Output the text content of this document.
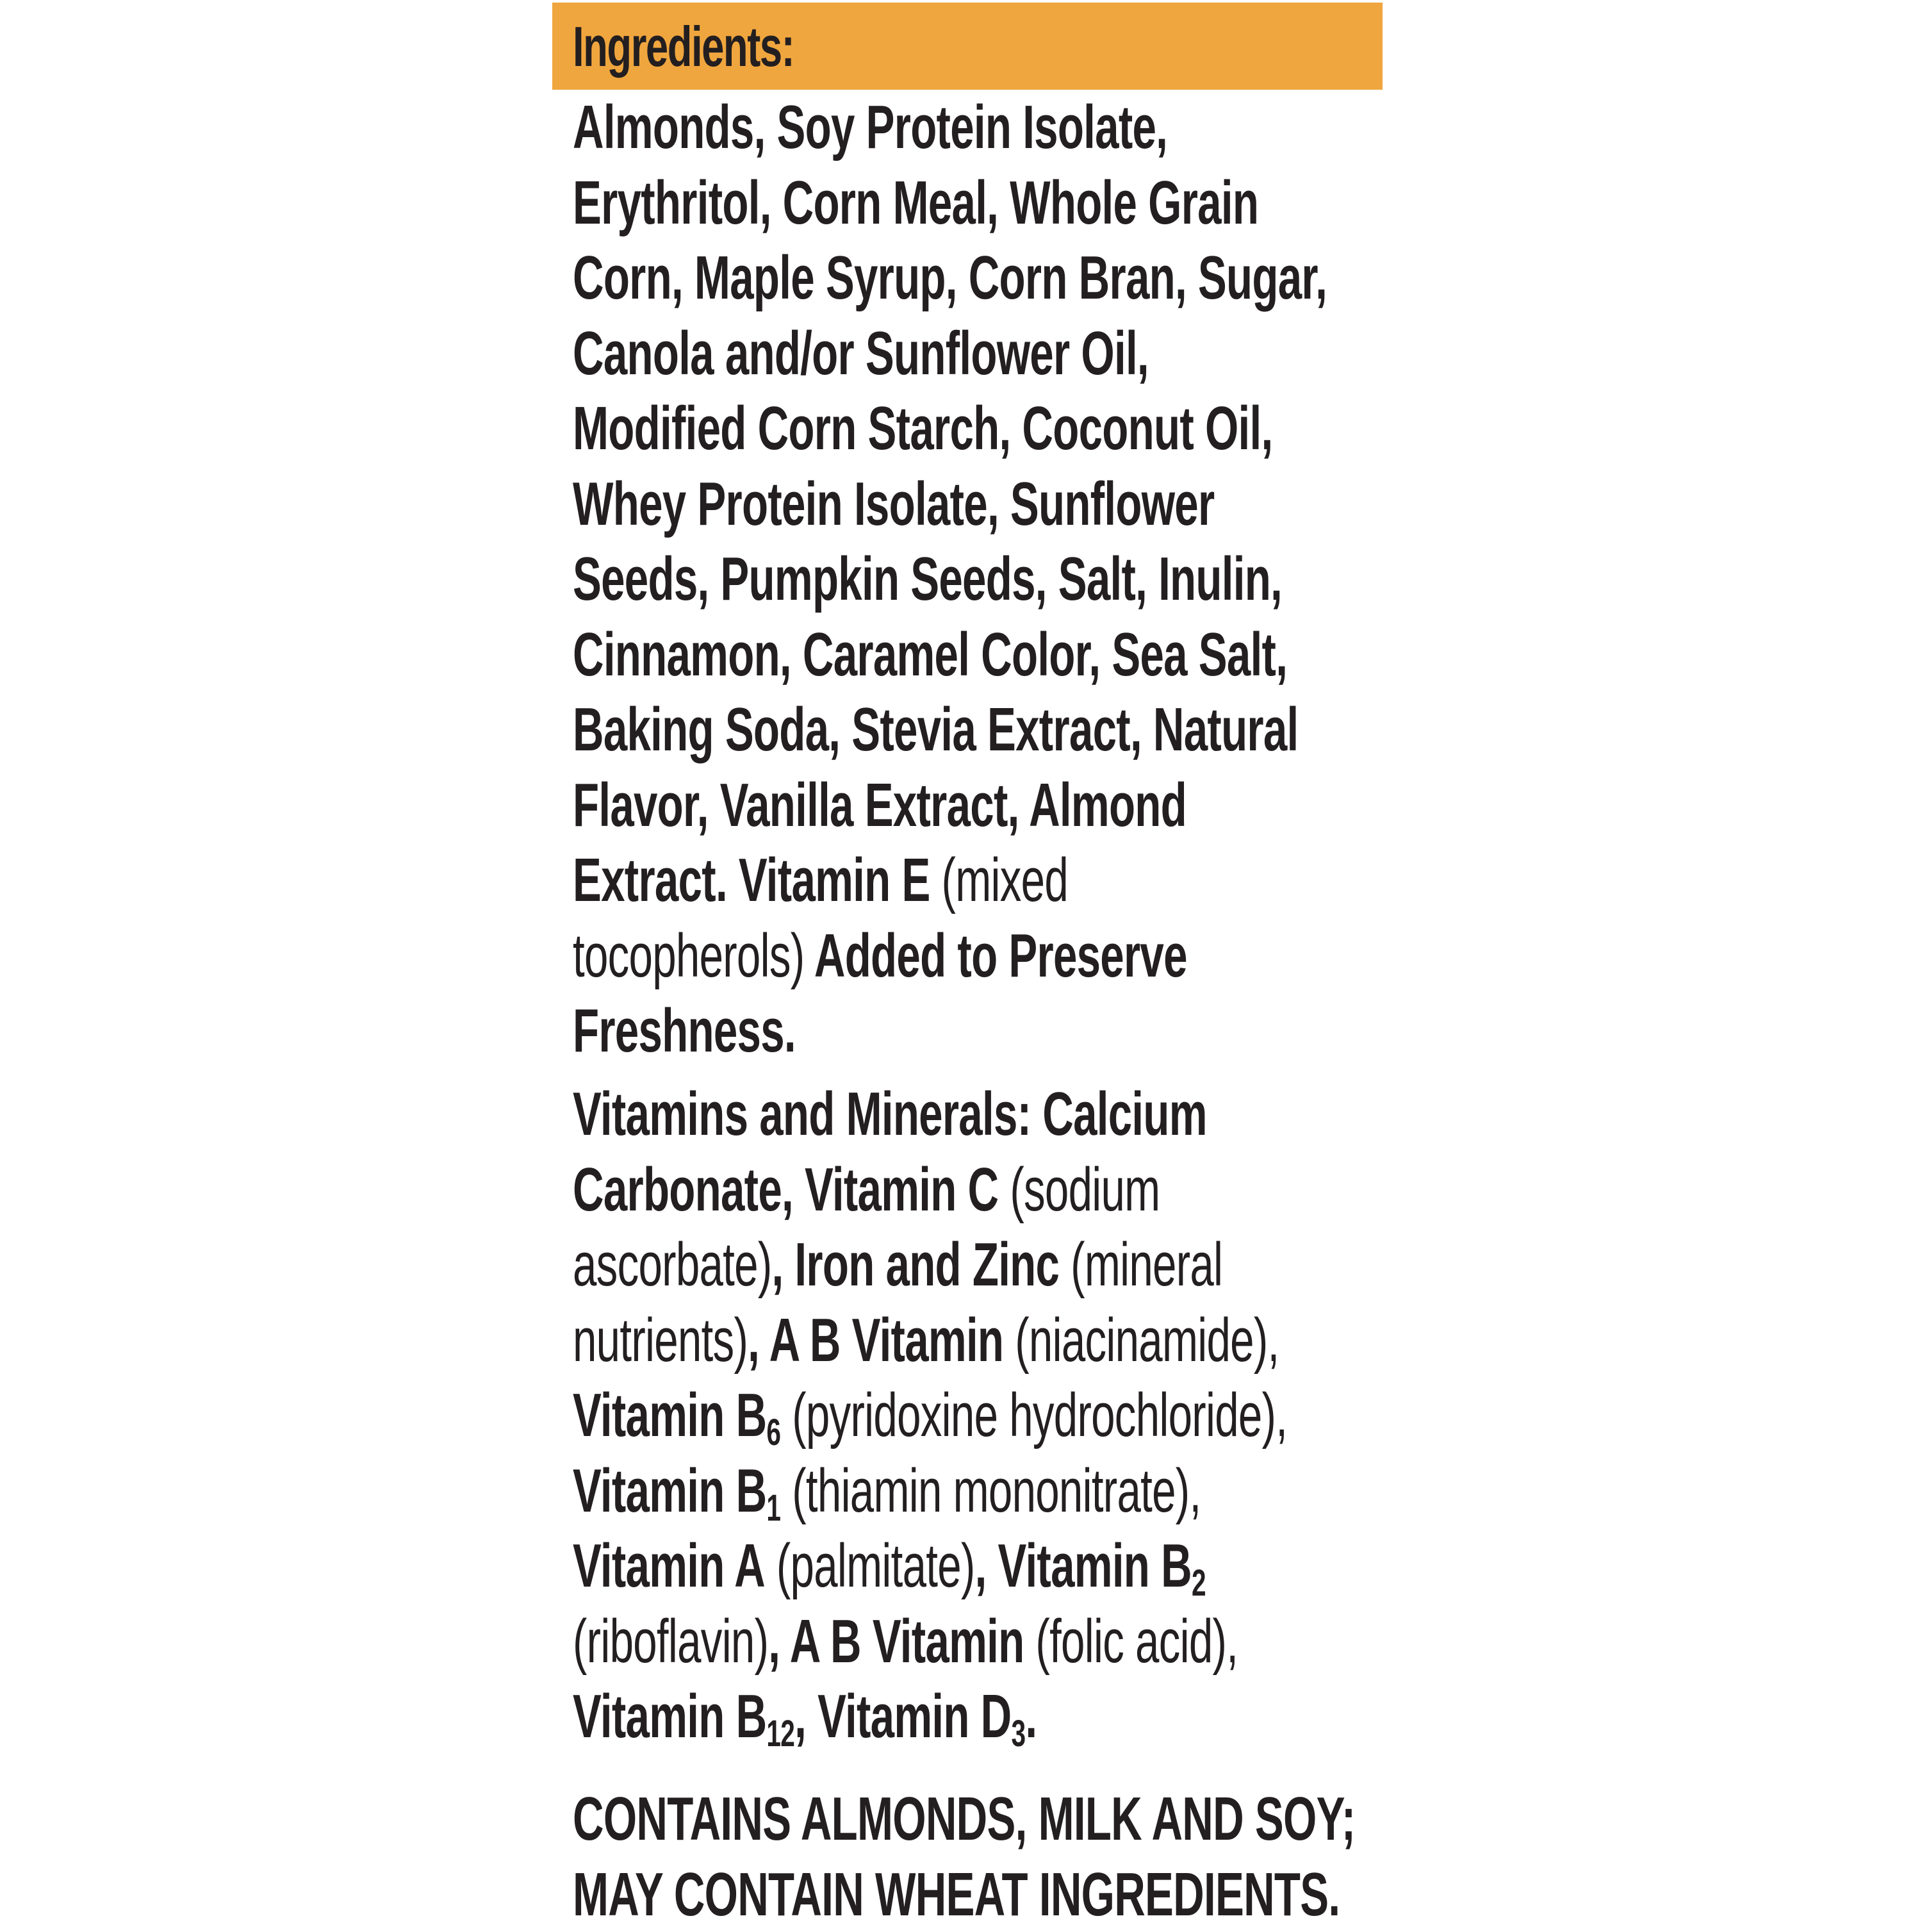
Ingredients:
Almonds, Soy Protein Isolate,
Erythritol, Corn Meal, Whole Grain
Corn, Maple Syrup, Corn Bran, Sugar,
Canola and/or Sunflower Oil,
Modified Corn Starch, Coconut Oil,
Whey Protein Isolate, Sunflower
Seeds, Pumpkin Seeds, Salt, Inulin,
Cinnamon, Caramel Color, Sea Salt,
Baking Soda, Stevia Extract, Natural
Flavor, Vanilla Extract, Almond
Extract. Vitamin E (mixed
tocopherols) Added to Preserve
Freshness.
Vitamins and Minerals: Calcium
Carbonate, Vitamin C (sodium
ascorbate), Iron and Zinc (mineral
nutrients), A B Vitamin (niacinamide),
Vitamin $B_6$ (pyridoxine hydrochloride),
Vitamin $B_1$ (thiamin mononitrate),
Vitamin A (palmitate), Vitamin $B_2$
(riboflavin), A B Vitamin (folic acid),
Vitamin $B_{12}$, Vitamin $D_3$.
CONTAINS ALMONDS, MILK AND SOY;
MAY CONTAIN WHEAT INGREDIENTS.
